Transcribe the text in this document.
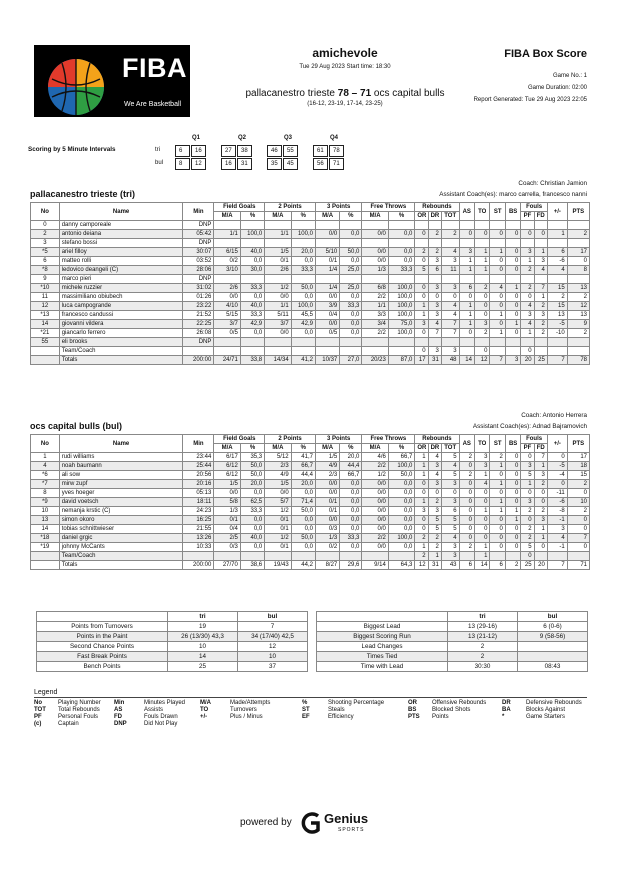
FIBA
We Are Basketball
amichevole
Tue 29 Aug 2023 Start time: 18:30
pallacanestro trieste 78 – 71 ocs capital bulls
(16-12, 23-19, 17-14, 23-25)
FIBA Box Score
Game No.: 1
Game Duration: 02:00
Report Generated: Tue 29 Aug 2023 22:05
Scoring by 5 Minute Intervals
Q1	Q2	Q3	Q4
tri
bul
6	16	27	38	46	55	61	78
8	12	16	31	35	45	56	71
Coach: Christian Jamion
pallacanestro trieste (tri)	Assistant Coach(es): marco carrella, francesco nanni
No	Name	Min	Field Goals		2 Points		3 Points		Free Throws		Rebounds			AS	TO	ST	BS	Fouls		+/-	PTS
			M/A	%	M/A	%	M/A	%	M/A	%	OR	DR	TOT					PF	FD		
0	danny camporeale	DNP																			
2	antonio deiana	05:42	1/1	100,0	1/1	100,0	0/0	0,0	0/0	0,0	0	2	2	0	0	0	0	0	0	1	2
3	stefano bossi	DNP																			
*5	ariel filloy	30:07	6/15	40,0	1/5	20,0	5/10	50,0	0/0	0,0	2	2	4	3	1	1	0	3	1	6	17
6	matteo rolli	03:52	0/2	0,0	0/1	0,0	0/1	0,0	0/0	0,0	0	3	3	1	1	0	0	1	3	-6	0
*8	ledovico deangeli (C)	28:06	3/10	30,0	2/6	33,3	1/4	25,0	1/3	33,3	5	6	11	1	1	0	0	2	4	4	8
9	marco pieri	DNP																			
*10	michele ruzzier	31:02	2/6	33,3	1/2	50,0	1/4	25,0	6/8	100,0	0	3	3	6	2	4	1	2	7	15	13
11	massimiliano obiubech	01:26	0/0	0,0	0/0	0,0	0/0	0,0	2/2	100,0	0	0	0	0	0	0	0	0	1	2	2
12	luca campogrande	23:22	4/10	40,0	1/1	100,0	3/9	33,3	1/1	100,0	1	3	4	1	0	0	0	4	2	15	12
*13	francesco candussi	21:52	5/15	33,3	5/11	45,5	0/4	0,0	3/3	100,0	1	3	4	1	0	1	0	3	3	13	13
14	giovanni vildera	22:25	3/7	42,9	3/7	42,9	0/0	0,0	3/4	75,0	3	4	7	1	3	0	1	4	2	-5	9
*21	giancarlo ferrero	26:08	0/5	0,0	0/0	0,0	0/5	0,0	2/2	100,0	0	7	7	0	2	1	0	1	2	-10	2
55	eli brooks	DNP																			
	Team/Coach										0	3	3		0			0			
	Totals	200:00	24/71	33,8	14/34	41,2	10/37	27,0	20/23	87,0	17	31	48	14	12	7	3	20	25	7	78
Coach: Antonio Herrera
ocs capital bulls (bul)	Assistant Coach(es): Adnad Bajramovich
No	Name	Min	Field Goals		2 Points		3 Points		Free Throws		Rebounds			AS	TO	ST	BS	Fouls		+/-	PTS
			M/A	%	M/A	%	M/A	%	M/A	%	OR	DR	TOT					PF	FD		
1	rudi williams	23:44	6/17	35,3	5/12	41,7	1/5	20,0	4/6	66,7	1	4	5	2	3	2	0	0	7	0	17
4	noah baumann	25:44	6/12	50,0	2/3	66,7	4/9	44,4	2/2	100,0	1	3	4	0	3	1	0	3	1	-5	18
*6	ali sow	20:56	6/12	50,0	4/9	44,4	2/3	66,7	1/2	50,0	1	4	5	2	1	0	0	5	3	-4	15
*7	mirw zupf	20:16	1/5	20,0	1/5	20,0	0/0	0,0	0/0	0,0	0	3	3	0	4	1	0	1	2	0	2
8	yves hoeger	05:13	0/0	0,0	0/0	0,0	0/0	0,0	0/0	0,0	0	0	0	0	0	0	0	0	0	-11	0
*9	david voetsch	18:11	5/8	62,5	5/7	71,4	0/1	0,0	0/0	0,0	1	2	3	0	0	1	0	3	0	-6	10
10	nemanja krstic (C)	24:23	1/3	33,3	1/2	50,0	0/1	0,0	0/0	0,0	3	3	6	0	1	1	1	2	2	-8	2
13	simon okoro	16:25	0/1	0,0	0/1	0,0	0/0	0,0	0/0	0,0	0	5	5	0	0	0	1	0	3	-1	0
14	tobias schnittwieser	21:55	0/4	0,0	0/1	0,0	0/3	0,0	0/0	0,0	0	5	5	0	0	0	0	2	1	3	0
*18	daniel grgic	13:26	2/5	40,0	1/2	50,0	1/3	33,3	2/2	100,0	2	2	4	0	0	0	0	2	1	4	7
*19	johnny McCants	10:33	0/3	0,0	0/1	0,0	0/2	0,0	0/0	0,0	1	2	3	2	1	0	0	5	0	-1	0
	Team/Coach										2	1	3		1			0			
	Totals	200:00	27/70	38,6	19/43	44,2	8/27	29,6	9/14	64,3	12	31	43	6	14	6	2	25	20	7	71
	tri	bul
Points from Turnovers	19	7
Points in the Paint	26 (13/30) 43,3	34 (17/40) 42,5
Second Chance Points	10	12
Fast Break Points	14	10
Bench Points	25	37
	tri	bul
Biggest Lead	13 (29-16)	6 (0-6)
Biggest Scoring Run	13 (21-12)	9 (58-56)
Lead Changes	2	
Times Tied	2	
Time with Lead	30:30	08:43
Legend
No	Playing Number	Min	Minutes Played	M/A	Made/Attempts	%	Shooting Percentage	OR	Offensive Rebounds	DR	Defensive Rebounds
TOT	Total Rebounds	AS	Assists	TO	Turnovers	ST	Steals	BS	Blocked Shots	BA	Blocks Against
PF	Personal Fouls	FD	Fouls Drawn	+/-	Plus / Minus	EF	Efficiency	PTS	Points	*	Game Starters
(c)	Captain	DNP	Did Not Play
powered by Genius
SPORTS
